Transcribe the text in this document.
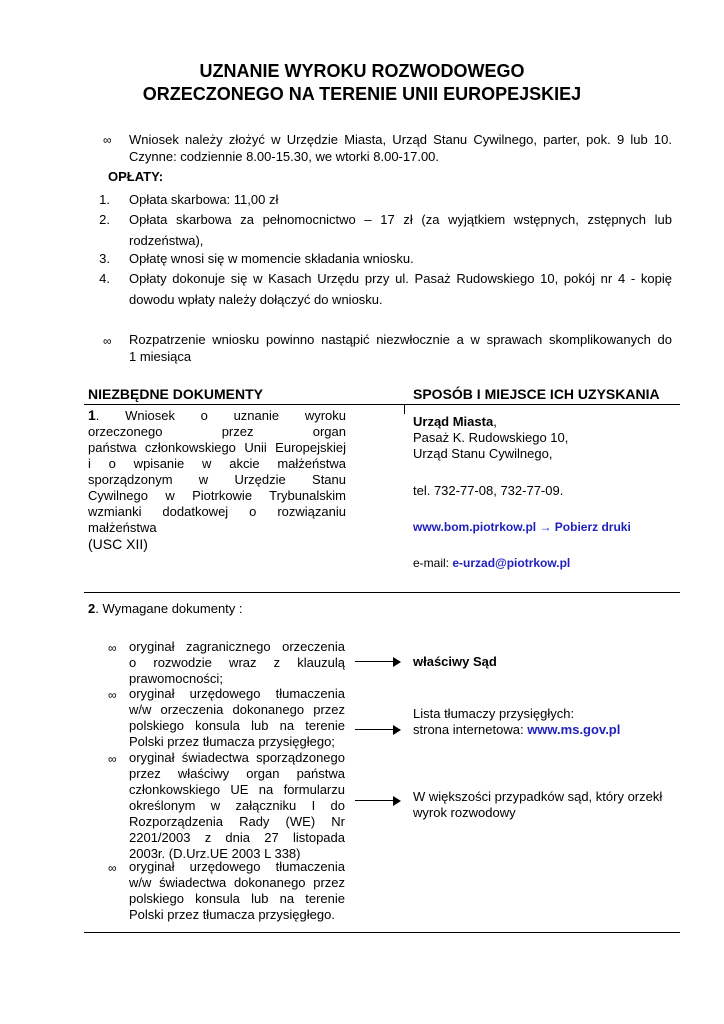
UZNANIE WYROKU ROZWODOWEGO
ORZECZONEGO NA TERENIE UNII EUROPEJSKIEJ
∞ Wniosek należy złożyć w Urzędzie Miasta, Urząd Stanu Cywilnego, parter, pok. 9 lub 10.
Czynne: codziennie 8.00-15.30, we wtorki 8.00-17.00.
OPŁATY:
1. Opłata skarbowa: 11,00 zł
2. Opłata skarbowa za pełnomocnictwo – 17 zł (za wyjątkiem wstępnych, zstępnych lub
rodzeństwa),
3. Opłatę wnosi się w momencie składania wniosku.
4. Opłaty dokonuje się w Kasach Urzędu przy ul. Pasaż Rudowskiego 10, pokój nr 4 - kopię
dowodu wpłaty należy dołączyć do wniosku.
∞ Rozpatrzenie wniosku powinno nastąpić niezwłocznie a w sprawach skomplikowanych do
1 miesiąca
NIEZBĘDNE DOKUMENTY	SPOSÓB I MIEJSCE ICH UZYSKANIA
1. Wniosek o uznanie wyroku
orzeczonego przez organ
państwa członkowskiego Unii Europejskiej
i o wpisanie w akcie małżeństwa
sporządzonym w Urzędzie Stanu
Cywilnego w Piotrkowie Trybunalskim
wzmianki dodatkowej o rozwiązaniu
małżeństwa
(USC XII)
Urząd Miasta,
Pasaż K. Rudowskiego 10,
Urząd Stanu Cywilnego,
tel. 732-77-08, 732-77-09.
www.bom.piotrkow.pl → Pobierz druki
e-mail: e-urzad@piotrkow.pl
2. Wymagane dokumenty :
∞ oryginał zagranicznego orzeczenia
o rozwodzie wraz z klauzulą
prawomocności;
∞ oryginał urzędowego tłumaczenia
w/w orzeczenia dokonanego przez
polskiego konsula lub na terenie
Polski przez tłumacza przysięgłego;
∞ oryginał świadectwa sporządzonego
przez właściwy organ państwa
członkowskiego UE na formularzu
określonym w załączniku I do
Rozporządzenia Rady (WE) Nr
2201/2003 z dnia 27 listopada
2003r. (D.Urz.UE 2003 L 338)
∞ oryginał urzędowego tłumaczenia
w/w świadectwa dokonanego przez
polskiego konsula lub na terenie
Polski przez tłumacza przysięgłego.
właściwy Sąd
Lista tłumaczy przysięgłych:
strona internetowa: www.ms.gov.pl
W większości przypadków sąd, który orzekł
wyrok rozwodowy
